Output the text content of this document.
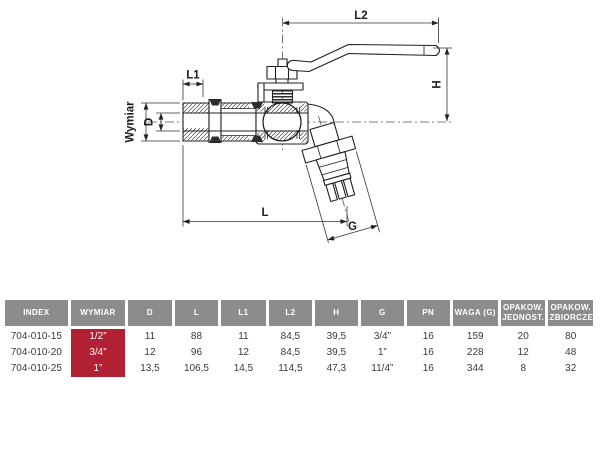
L2
H
L1
D
Wymiar
L
G
INDEX	WYMIAR	D	L	L1	L2	H	G	PN	WAGA (G)	OPAKOW. JEDNOST.	OPAKOW. ZBIORCZE

704-010-15	1/2”	11	88	11	84,5	39,5	3/4”	16	159	20	80
704-010-20	3/4”	12	96	12	84,5	39,5	1”	16	228	12	48
704-010-25	1”	13,5	106,5	14,5	114,5	47,3	11/4”	16	344	8	32
